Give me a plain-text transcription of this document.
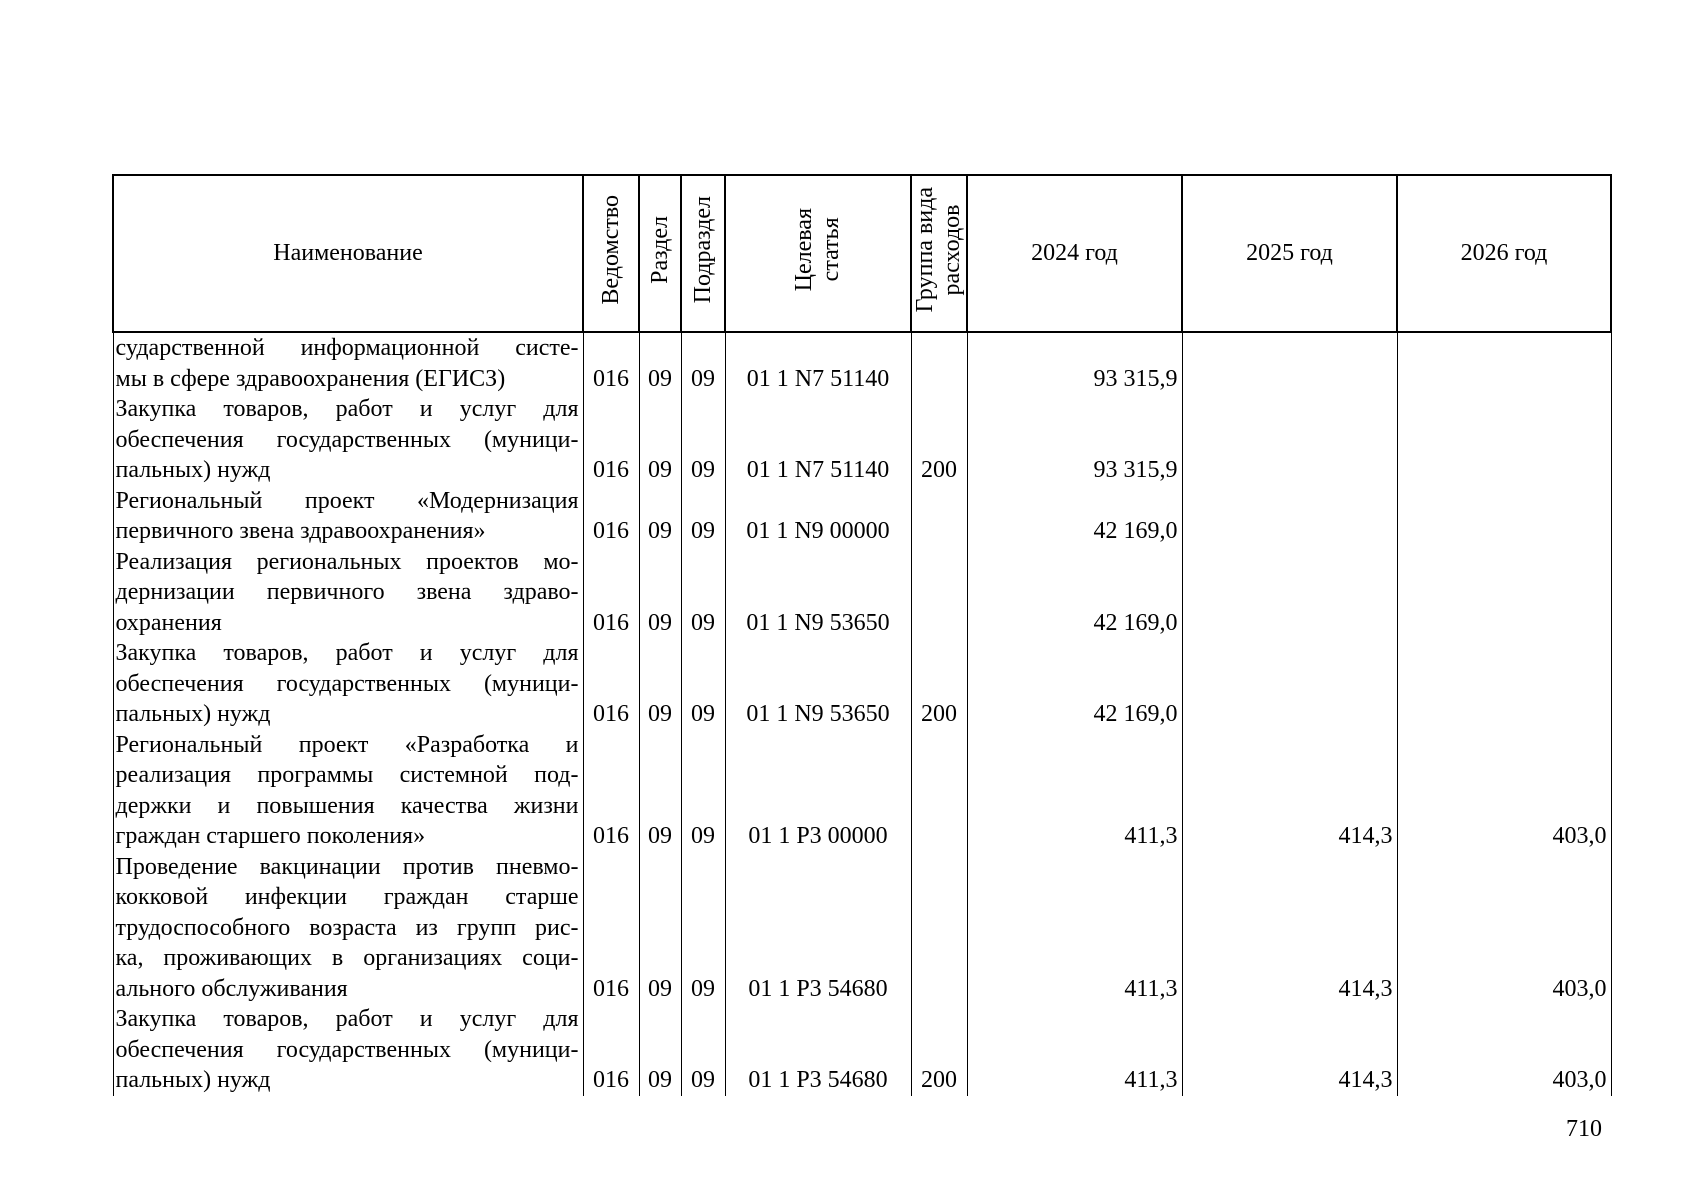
Наименование	Ведомство	Раздел	Подраздел	Целевая
статья	Группа вида
расходов	2024 год	2025 год	2026 год

сударственной информационной систе-
мы в сфере здравоохранения (ЕГИСЗ)	016	09	09	01 1 N7 51140		93 315,9		

Закупка товаров, работ и услуг для
обеспечения государственных (муници-
пальных) нужд	016	09	09	01 1 N7 51140	200	93 315,9		

Региональный проект «Модернизация
первичного звена здравоохранения»	016	09	09	01 1 N9 00000		42 169,0		

Реализация региональных проектов мо-
дернизации первичного звена здраво-
охранения	016	09	09	01 1 N9 53650		42 169,0		

Закупка товаров, работ и услуг для
обеспечения государственных (муници-
пальных) нужд	016	09	09	01 1 N9 53650	200	42 169,0		

Региональный проект «Разработка и
реализация программы системной под-
держки и повышения качества жизни
граждан старшего поколения»	016	09	09	01 1 P3 00000		411,3	414,3	403,0

Проведение вакцинации против пневмо-
кокковой инфекции граждан старше
трудоспособного возраста из групп рис-
ка, проживающих в организациях соци-
ального обслуживания	016	09	09	01 1 P3 54680		411,3	414,3	403,0

Закупка товаров, работ и услуг для
обеспечения государственных (муници-
пальных) нужд	016	09	09	01 1 P3 54680	200	411,3	414,3	403,0
710
